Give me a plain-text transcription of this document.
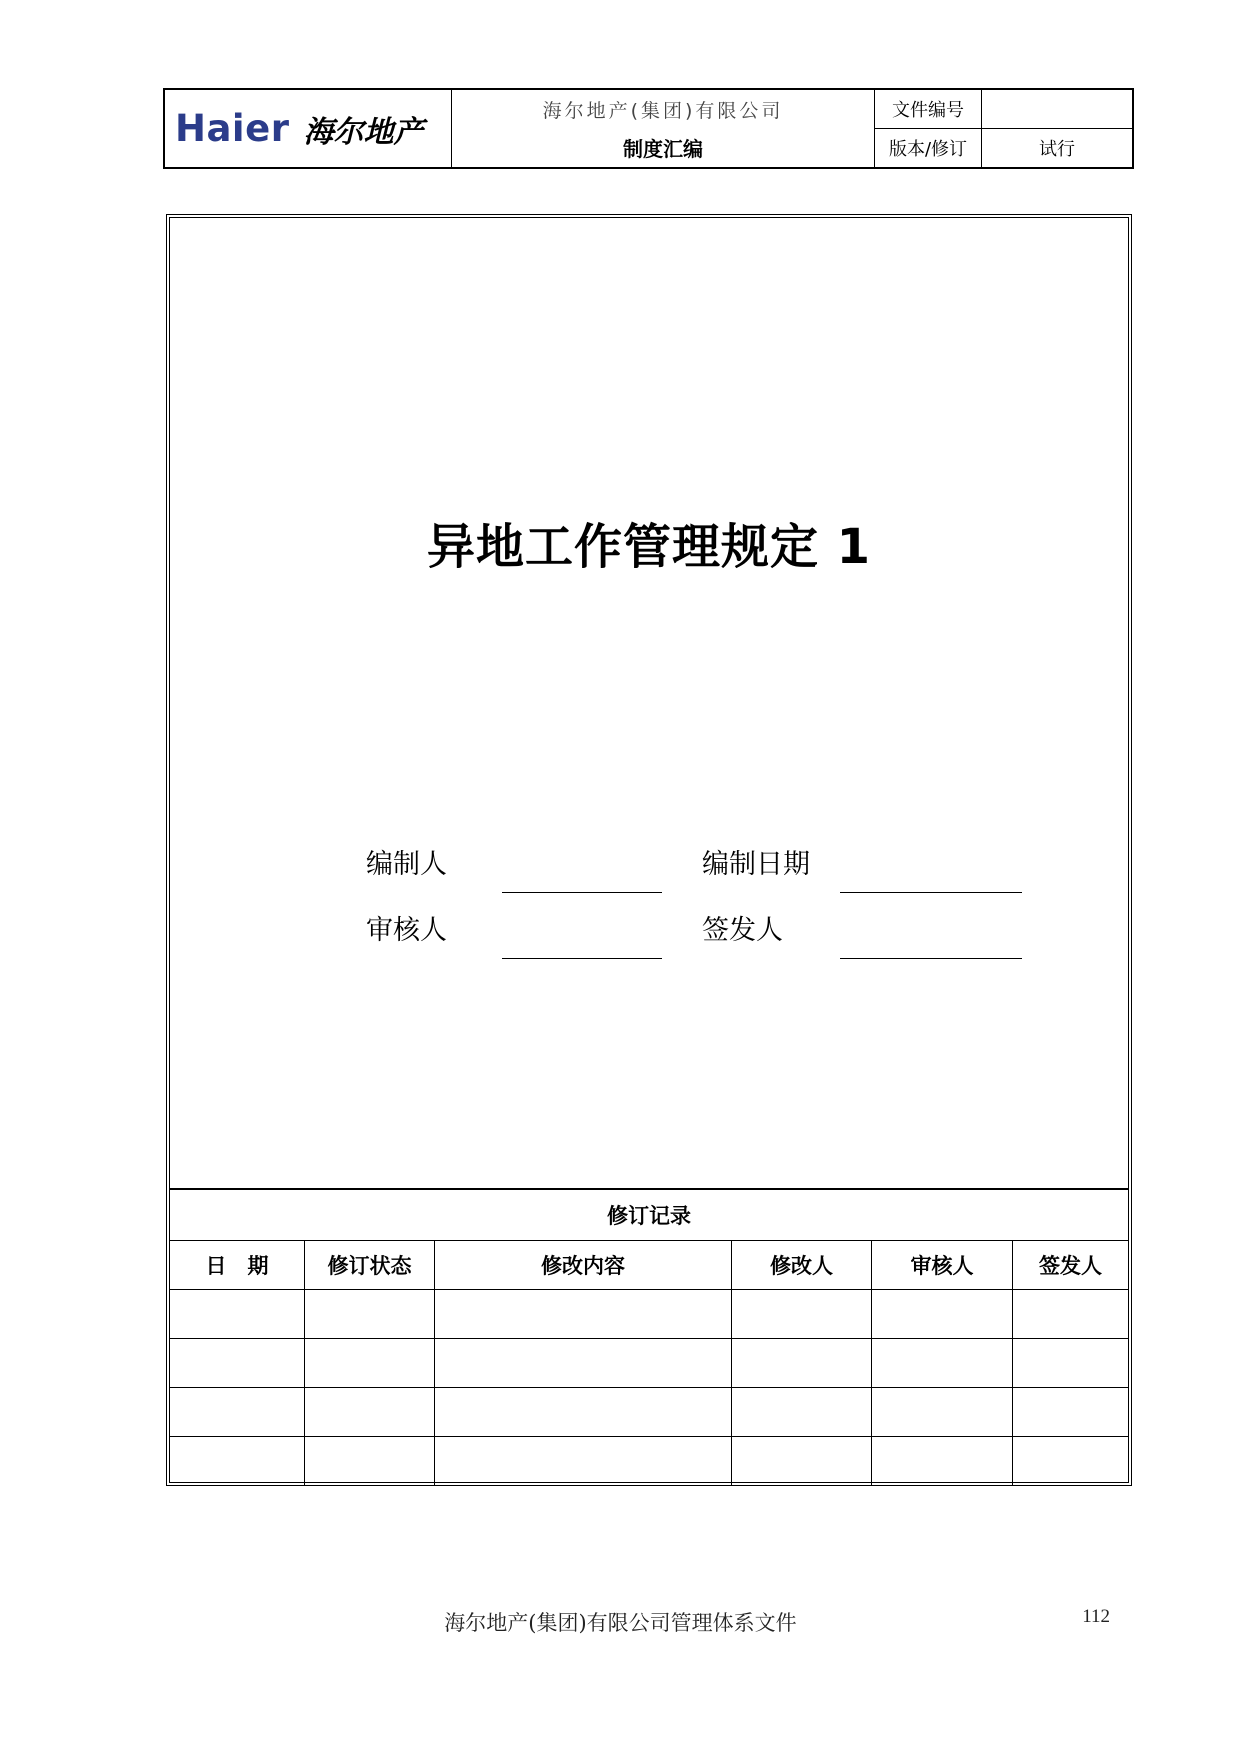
Haier 海尔地产
海尔地产(集团)有限公司
制度汇编
文件编号
版本/修订	试行
异地工作管理规定 1
编制人	编制日期
审核人	签发人
修订记录
日　期	修订状态	修改内容	修改人	审核人	签发人
海尔地产(集团)有限公司管理体系文件	112
